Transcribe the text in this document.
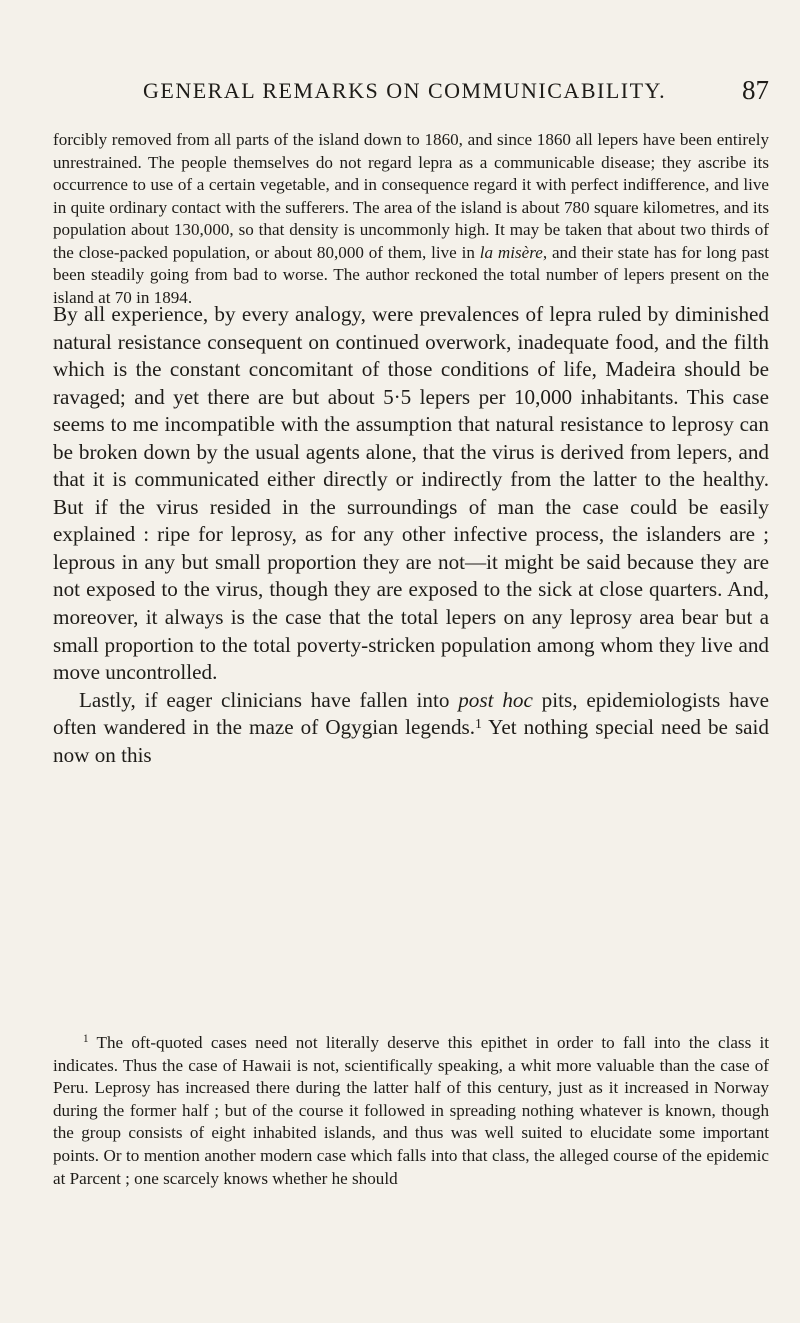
GENERAL REMARKS ON COMMUNICABILITY.	87
forcibly removed from all parts of the island down to 1860, and since 1860 all lepers have been entirely unrestrained. The people themselves do not regard lepra as a communicable disease; they ascribe its occurrence to use of a certain vegetable, and in consequence regard it with perfect indifference, and live in quite ordinary contact with the sufferers. The area of the island is about 780 square kilometres, and its population about 130,000, so that density is uncommonly high. It may be taken that about two thirds of the close-packed population, or about 80,000 of them, live in la misère, and their state has for long past been steadily going from bad to worse. The author reckoned the total number of lepers present on the island at 70 in 1894.
By all experience, by every analogy, were prevalences of lepra ruled by diminished natural resistance consequent on continued overwork, inadequate food, and the filth which is the constant concomitant of those conditions of life, Madeira should be ravaged; and yet there are but about 5·5 lepers per 10,000 inhabitants. This case seems to me incompatible with the assumption that natural resistance to leprosy can be broken down by the usual agents alone, that the virus is derived from lepers, and that it is communicated either directly or indirectly from the latter to the healthy. But if the virus resided in the surroundings of man the case could be easily explained : ripe for leprosy, as for any other infective process, the islanders are ; leprous in any but small proportion they are not—it might be said because they are not exposed to the virus, though they are exposed to the sick at close quarters. And, moreover, it always is the case that the total lepers on any leprosy area bear but a small proportion to the total poverty-stricken population among whom they live and move uncontrolled.
Lastly, if eager clinicians have fallen into post hoc pits, epidemiologists have often wandered in the maze of Ogygian legends.$^1$ Yet nothing special need be said now on this
$^1$ The oft-quoted cases need not literally deserve this epithet in order to fall into the class it indicates. Thus the case of Hawaii is not, scientifically speaking, a whit more valuable than the case of Peru. Leprosy has increased there during the latter half of this century, just as it increased in Norway during the former half ; but of the course it followed in spreading nothing whatever is known, though the group consists of eight inhabited islands, and thus was well suited to elucidate some important points. Or to mention another modern case which falls into that class, the alleged course of the epidemic at Parcent ; one scarcely knows whether he should
